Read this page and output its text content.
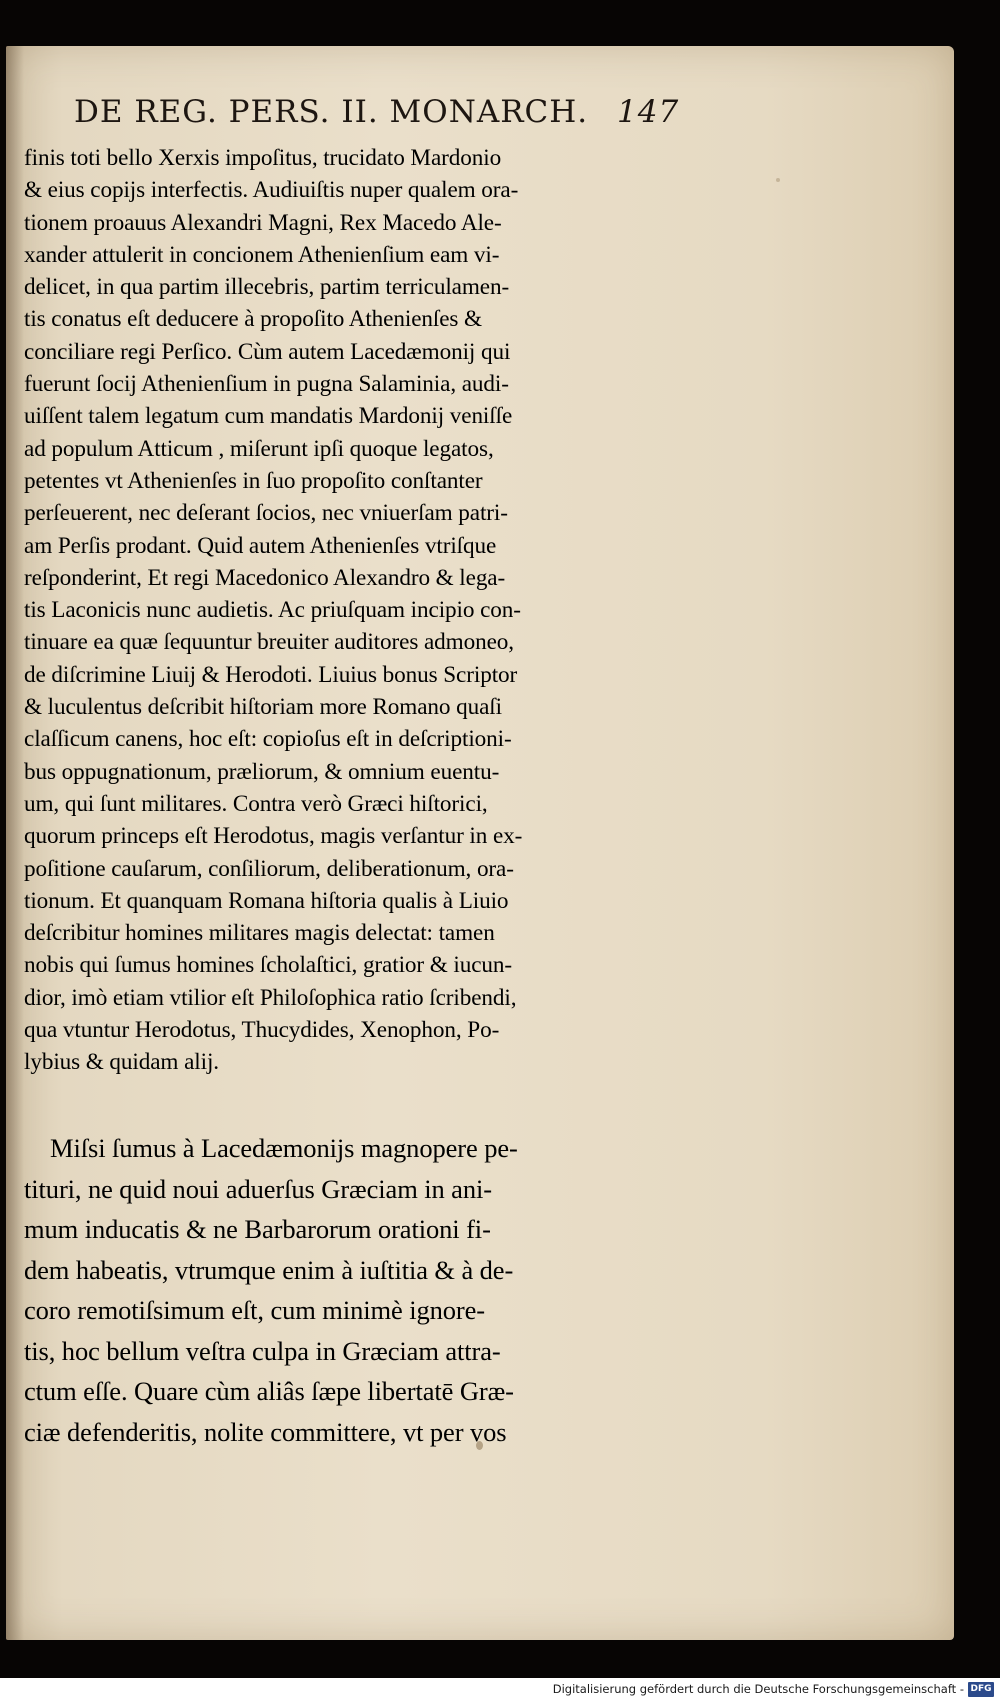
DE REG. PERS. II. MONARCH. 147
finis toti bello Xerxis impoſitus, trucidato Mardonio
& eius copijs interfectis. Audiuiſtis nuper qualem ora-
tionem proauus Alexandri Magni, Rex Macedo Ale-
xander attulerit in concionem Athenienſium eam vi-
delicet, in qua partim illecebris, partim terriculamen-
tis conatus eſt deducere à propoſito Athenienſes &
conciliare regi Perſico. Cùm autem Lacedæmonij qui
fuerunt ſocij Athenienſium in pugna Salaminia, audi-
uiſſent talem legatum cum mandatis Mardonij veniſſe
ad populum Atticum , miſerunt ipſi quoque legatos,
petentes vt Athenienſes in ſuo propoſito conſtanter
perſeuerent, nec deſerant ſocios, nec vniuerſam patri-
am Perſis prodant. Quid autem Athenienſes vtriſque
reſponderint, Et regi Macedonico Alexandro & lega-
tis Laconicis nunc audietis. Ac priuſquam incipio con-
tinuare ea quæ ſequuntur breuiter auditores admoneo,
de diſcrimine Liuij & Herodoti. Liuius bonus Scriptor
& luculentus deſcribit hiſtoriam more Romano quaſi
claſſicum canens, hoc eſt: copioſus eſt in deſcriptioni-
bus oppugnationum, præliorum, & omnium euentu-
um, qui ſunt militares. Contra verò Græci hiſtorici,
quorum princeps eſt Herodotus, magis verſantur in ex-
poſitione cauſarum, conſiliorum, deliberationum, ora-
tionum. Et quanquam Romana hiſtoria qualis à Liuio
deſcribitur homines militares magis delectat: tamen
nobis qui ſumus homines ſcholaſtici, gratior & iucun-
dior, imò etiam vtilior eſt Philoſophica ratio ſcribendi,
qua vtuntur Herodotus, Thucydides, Xenophon, Po-
lybius & quidam alij.
Miſsi ſumus à Lacedæmonijs magnopere pe-
tituri, ne quid noui aduerſus Græciam in ani-
mum inducatis & ne Barbarorum orationi fi-
dem habeatis, vtrumque enim à iuſtitia & à de-
coro remotiſsimum eſt, cum minimè ignore-
tis, hoc bellum veſtra culpa in Græciam attra-
ctum eſſe. Quare cùm aliâs ſæpe libertatē Græ-
ciæ defenderitis, nolite committere, vt per vos
Digitalisierung gefördert durch die Deutsche Forschungsgemeinschaft - DFG
